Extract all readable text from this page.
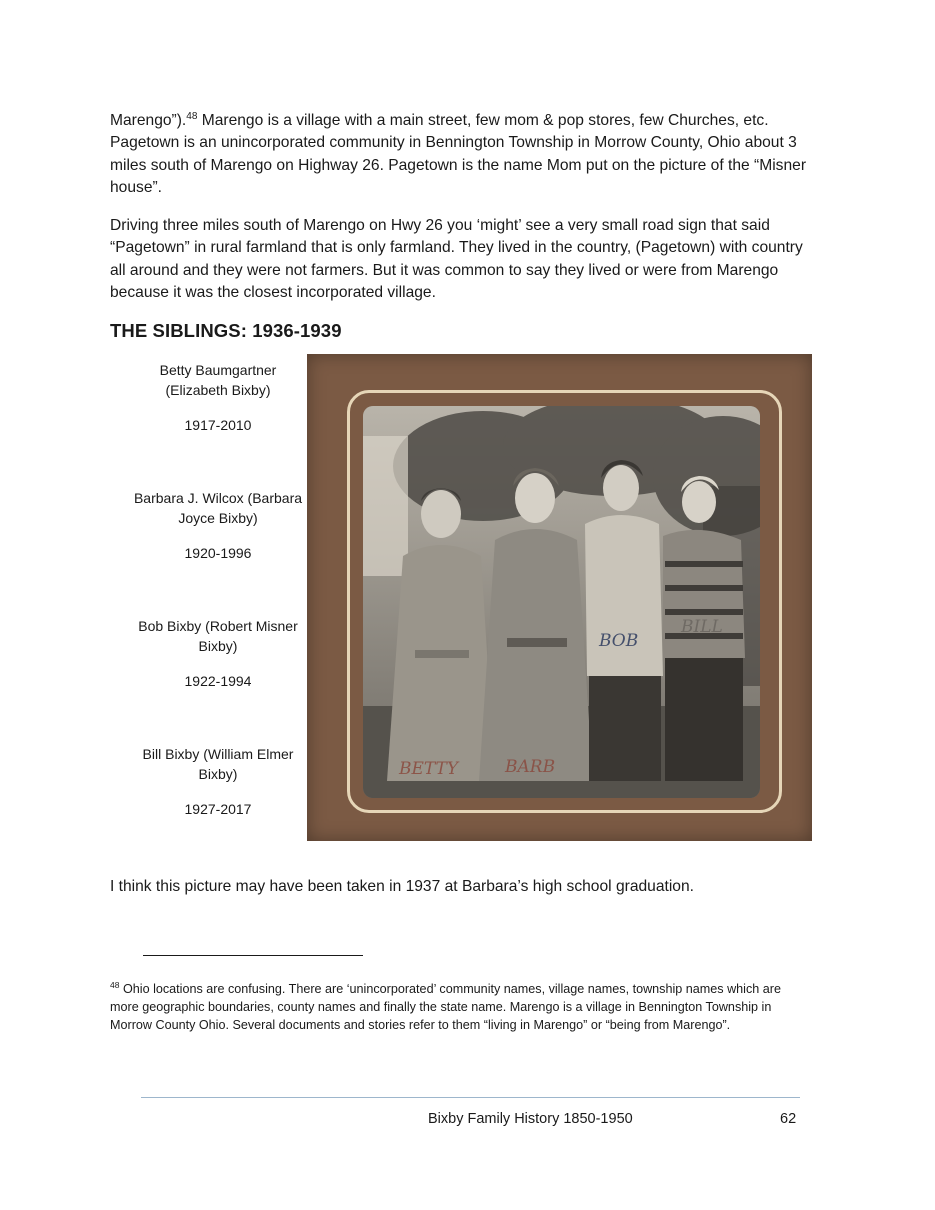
Marengo”).$^{48}$ Marengo is a village with a main street, few mom & pop stores, few Churches, etc. Pagetown is an unincorporated community in Bennington Township in Morrow County, Ohio about 3 miles south of Marengo on Highway 26. Pagetown is the name Mom put on the picture of the “Misner house”.

Driving three miles south of Marengo on Hwy 26 you ‘might’ see a very small road sign that said “Pagetown” in rural farmland that is only farmland. They lived in the country, (Pagetown) with country all around and they were not farmers. But it was common to say they lived or were from Marengo because it was the closest incorporated village.

THE SIBLINGS: 1936-1939
Betty Baumgartner (Elizabeth Bixby)
1917-2010
Barbara J. Wilcox (Barbara Joyce Bixby)
1920-1996
Bob Bixby (Robert Misner Bixby)
1922-1994
Bill Bixby (William Elmer Bixby)
1927-2017
BETTY	BARB
BOB
BILL

I think this picture may have been taken in 1937 at Barbara’s high school graduation.

$^{48}$ Ohio locations are confusing. There are ‘unincorporated’ community names, village names, township names which are more geographic boundaries, county names and finally the state name. Marengo is a village in Bennington Township in Morrow County Ohio. Several documents and stories refer to them “living in Marengo” or “being from Marengo”.

Bixby Family History 1850-1950	62
